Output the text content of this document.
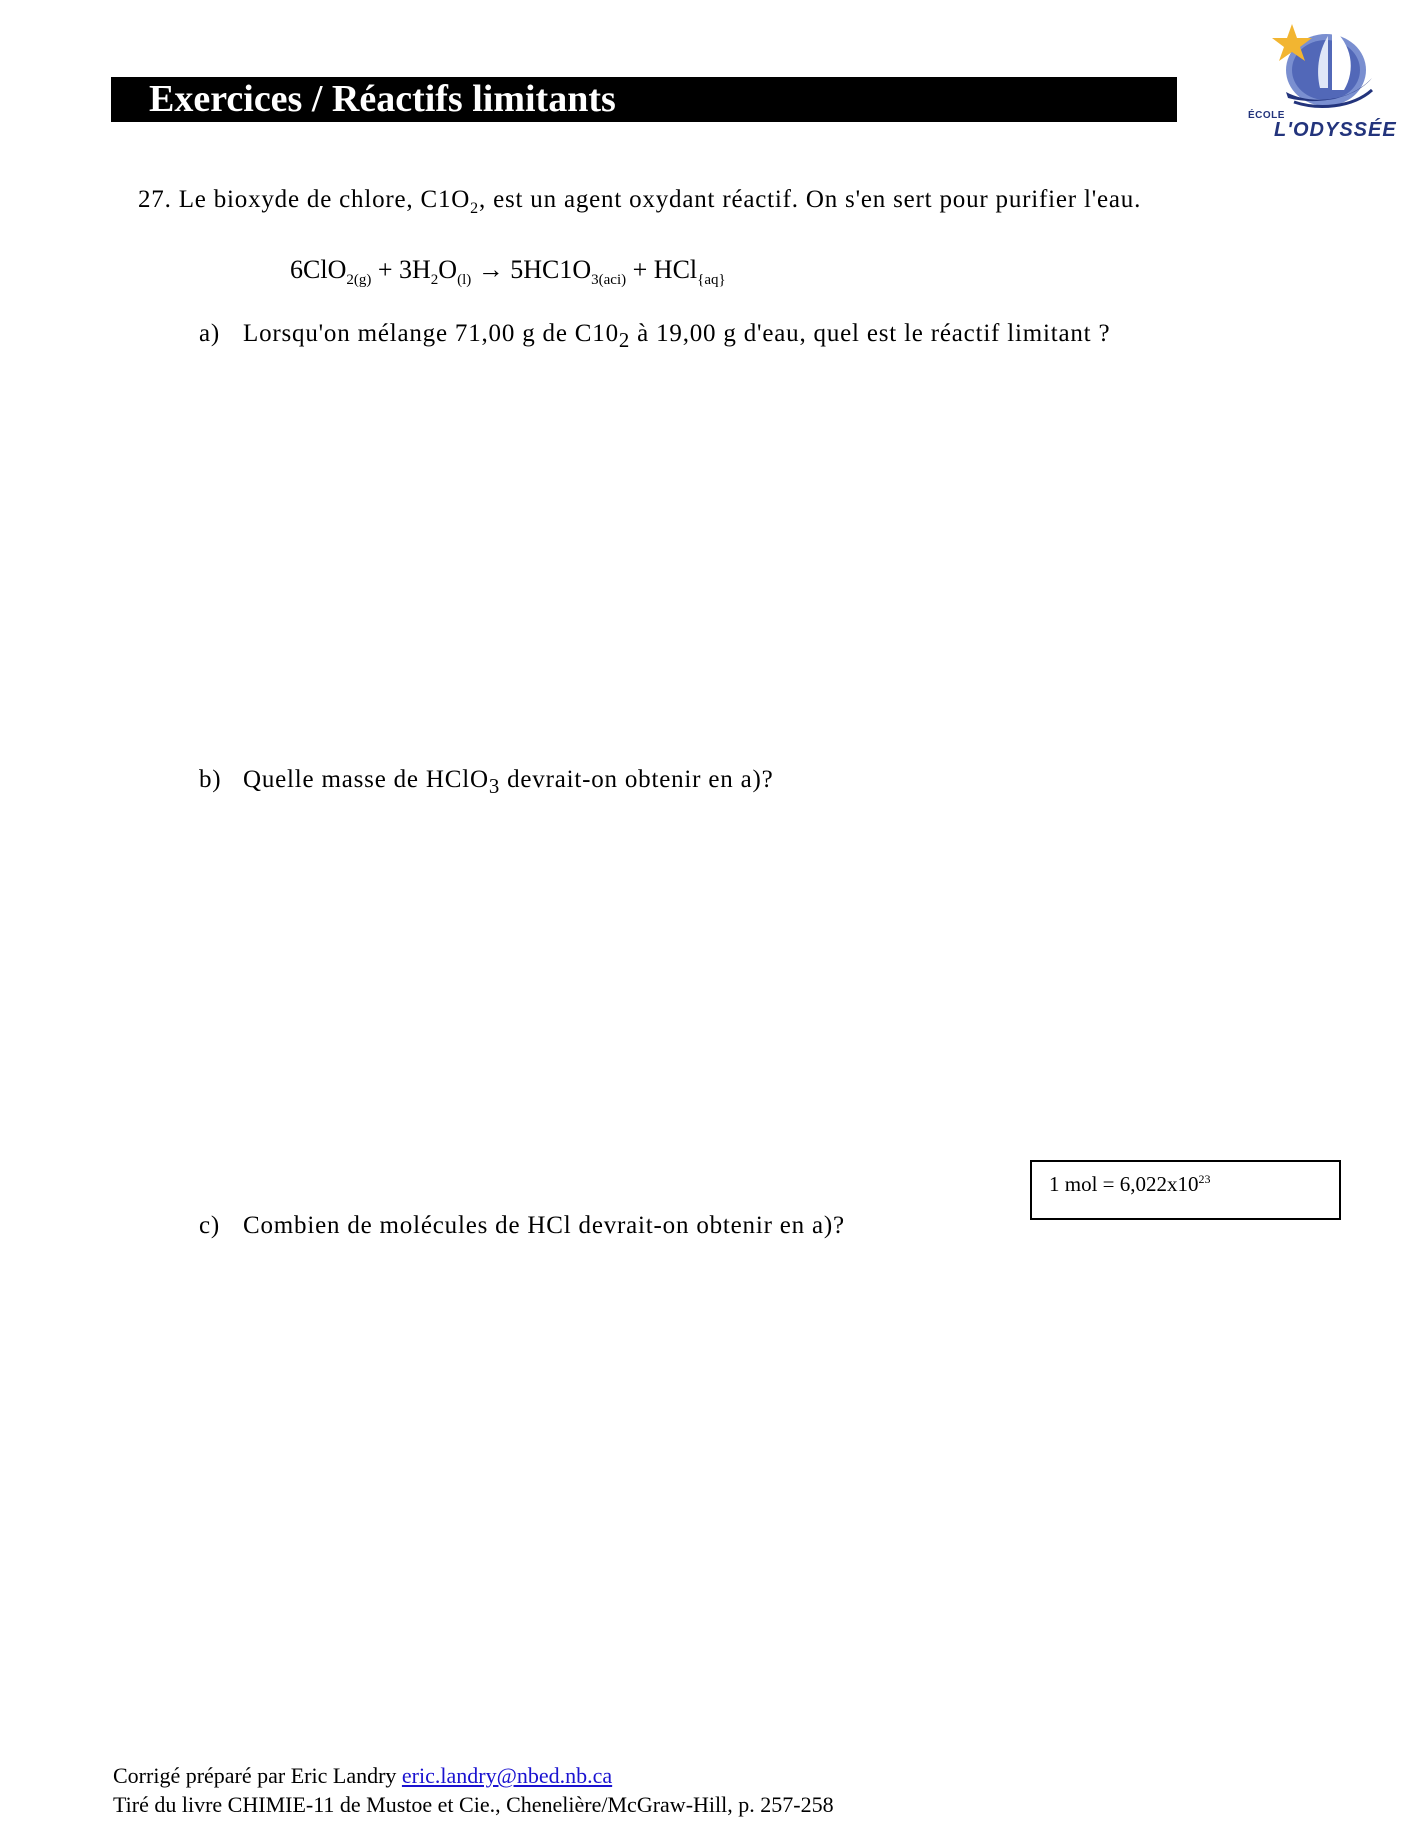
Exercices / Réactifs limitants	ÉCOLE
L'ODYSSÉE
27. Le bioxyde de chlore, $C1O_2$, est un agent oxydant réactif. On s'en sert pour purifier l'eau.
$6ClO_{2(g)} + 3H_2O_{(l)} \to 5HC1O_{3(aci)} + HCl_{\{aq\}}$
a) Lorsqu'on mélange 71,00 g de $C10_2$ à 19,00 g d'eau, quel est le réactif limitant ?
b) Quelle masse de HClO$_3$ devrait-on obtenir en a)?
1 mol = $6,022x10^{23}$
c) Combien de molécules de HCl devrait-on obtenir en a)?
Corrigé préparé par Eric Landry eric.landry@nbed.nb.ca
Tiré du livre CHIMIE-11 de Mustoe et Cie., Chenelière/McGraw-Hill, p. 257-258
